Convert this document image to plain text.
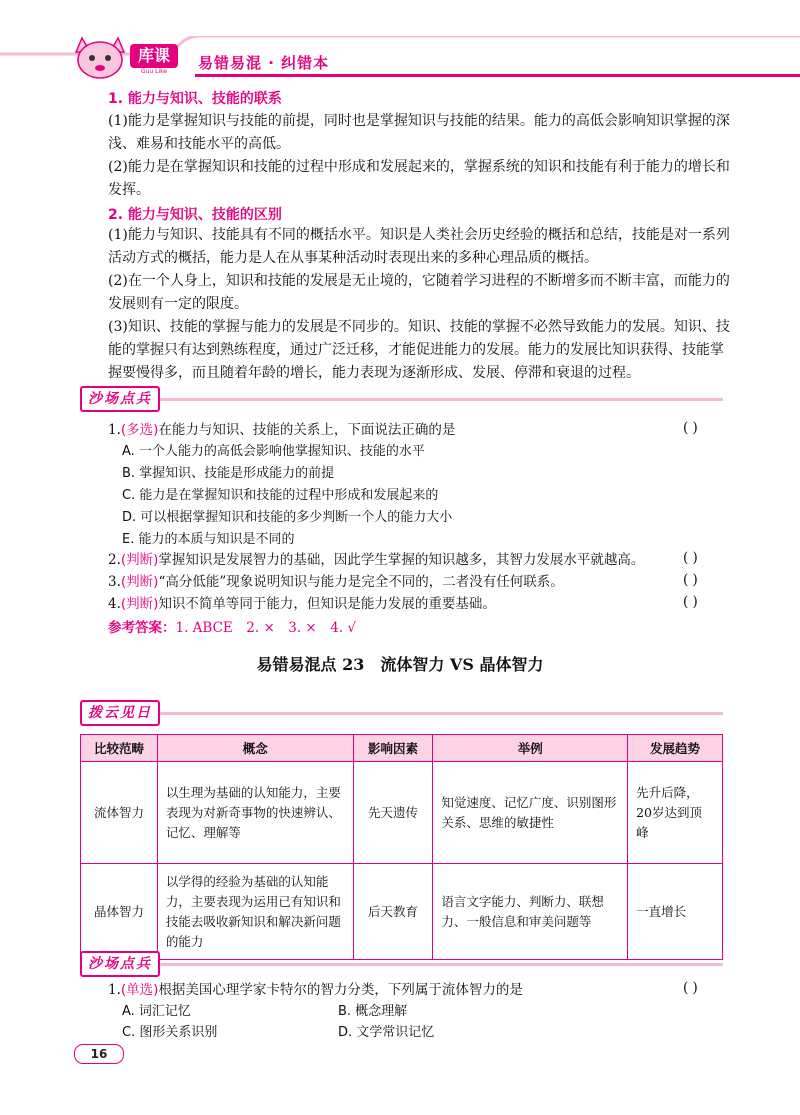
库课
Guu Like	易错易混 · 纠错本
1. 能力与知识、技能的联系
(1)能力是掌握知识与技能的前提，同时也是掌握知识与技能的结果。能力的高低会影响知识掌握的深浅、难易和技能水平的高低。
(2)能力是在掌握知识和技能的过程中形成和发展起来的，掌握系统的知识和技能有利于能力的增长和发挥。
2. 能力与知识、技能的区别
(1)能力与知识、技能具有不同的概括水平。知识是人类社会历史经验的概括和总结，技能是对一系列活动方式的概括，能力是人在从事某种活动时表现出来的多种心理品质的概括。
(2)在一个人身上，知识和技能的发展是无止境的，它随着学习进程的不断增多而不断丰富，而能力的发展则有一定的限度。
(3)知识、技能的掌握与能力的发展是不同步的。知识、技能的掌握不必然导致能力的发展。知识、技能的掌握只有达到熟练程度，通过广泛迁移，才能促进能力的发展。能力的发展比知识获得、技能掌握要慢得多，而且随着年龄的增长，能力表现为逐渐形成、发展、停滞和衰退的过程。
沙场点兵
1.(多选)在能力与知识、技能的关系上，下面说法正确的是	( )
A. 一个人能力的高低会影响他掌握知识、技能的水平
B. 掌握知识、技能是形成能力的前提
C. 能力是在掌握知识和技能的过程中形成和发展起来的
D. 可以根据掌握知识和技能的多少判断一个人的能力大小
E. 能力的本质与知识是不同的
2.(判断)掌握知识是发展智力的基础，因此学生掌握的知识越多，其智力发展水平就越高。	( )
3.(判断)“高分低能”现象说明知识与能力是完全不同的，二者没有任何联系。	( )
4.(判断)知识不简单等同于能力，但知识是能力发展的重要基础。	( )
参考答案：1. ABCE　2. ×　3. ×　4. √
易错易混点 23　流体智力 VS 晶体智力
拨云见日
比较范畴	概念	影响因素	举例	发展趋势
流体智力	以生理为基础的认知能力，主要表现为对新奇事物的快速辨认、记忆、理解等	先天遗传	知觉速度、记忆广度、识别图形关系、思维的敏捷性	先升后降，20岁达到顶峰
晶体智力	以学得的经验为基础的认知能力，主要表现为运用已有知识和技能去吸收新知识和解决新问题的能力	后天教育	语言文字能力、判断力、联想力、一般信息和审美问题等	一直增长
沙场点兵
1.(单选)根据美国心理学家卡特尔的智力分类，下列属于流体智力的是	( )
A. 词汇记忆	B. 概念理解
C. 图形关系识别	D. 文学常识记忆
16
